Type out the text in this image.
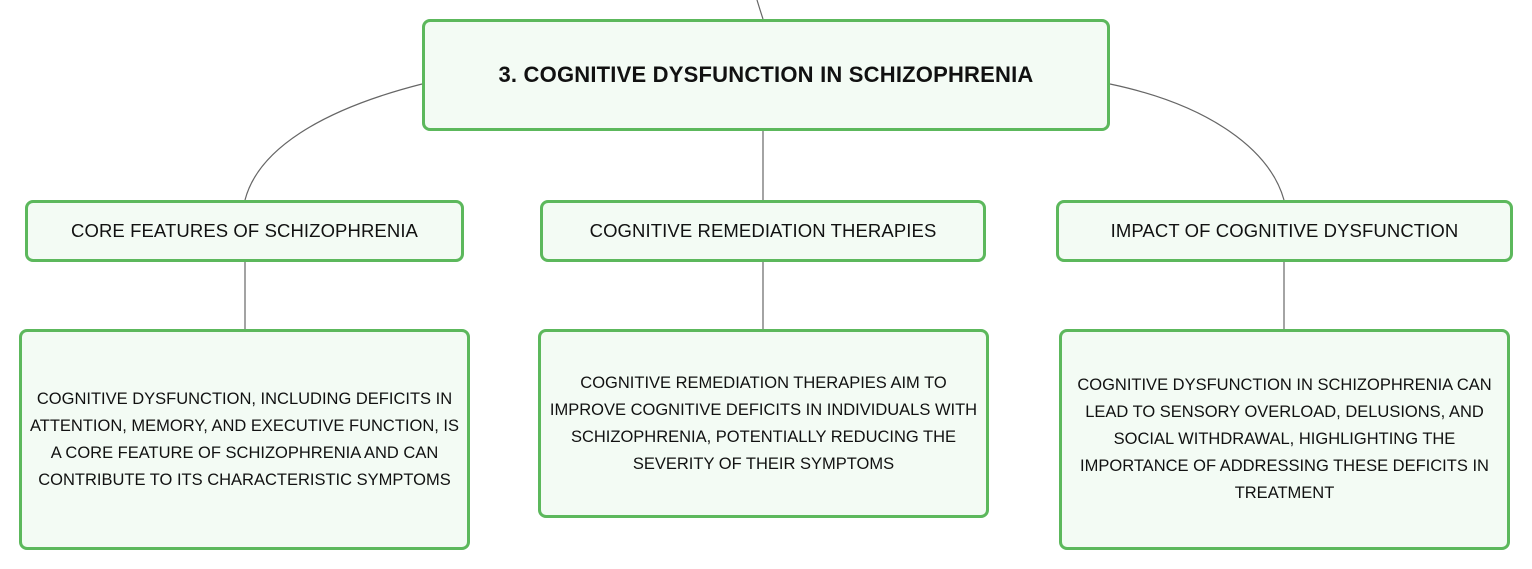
3. COGNITIVE DYSFUNCTION IN SCHIZOPHRENIA
CORE FEATURES OF SCHIZOPHRENIA	COGNITIVE REMEDIATION THERAPIES	IMPACT OF COGNITIVE DYSFUNCTION
COGNITIVE DYSFUNCTION, INCLUDING DEFICITS IN ATTENTION, MEMORY, AND EXECUTIVE FUNCTION, IS A CORE FEATURE OF SCHIZOPHRENIA AND CAN CONTRIBUTE TO ITS CHARACTERISTIC SYMPTOMS
COGNITIVE REMEDIATION THERAPIES AIM TO IMPROVE COGNITIVE DEFICITS IN INDIVIDUALS WITH SCHIZOPHRENIA, POTENTIALLY REDUCING THE SEVERITY OF THEIR SYMPTOMS
COGNITIVE DYSFUNCTION IN SCHIZOPHRENIA CAN LEAD TO SENSORY OVERLOAD, DELUSIONS, AND SOCIAL WITHDRAWAL, HIGHLIGHTING THE IMPORTANCE OF ADDRESSING THESE DEFICITS IN TREATMENT
